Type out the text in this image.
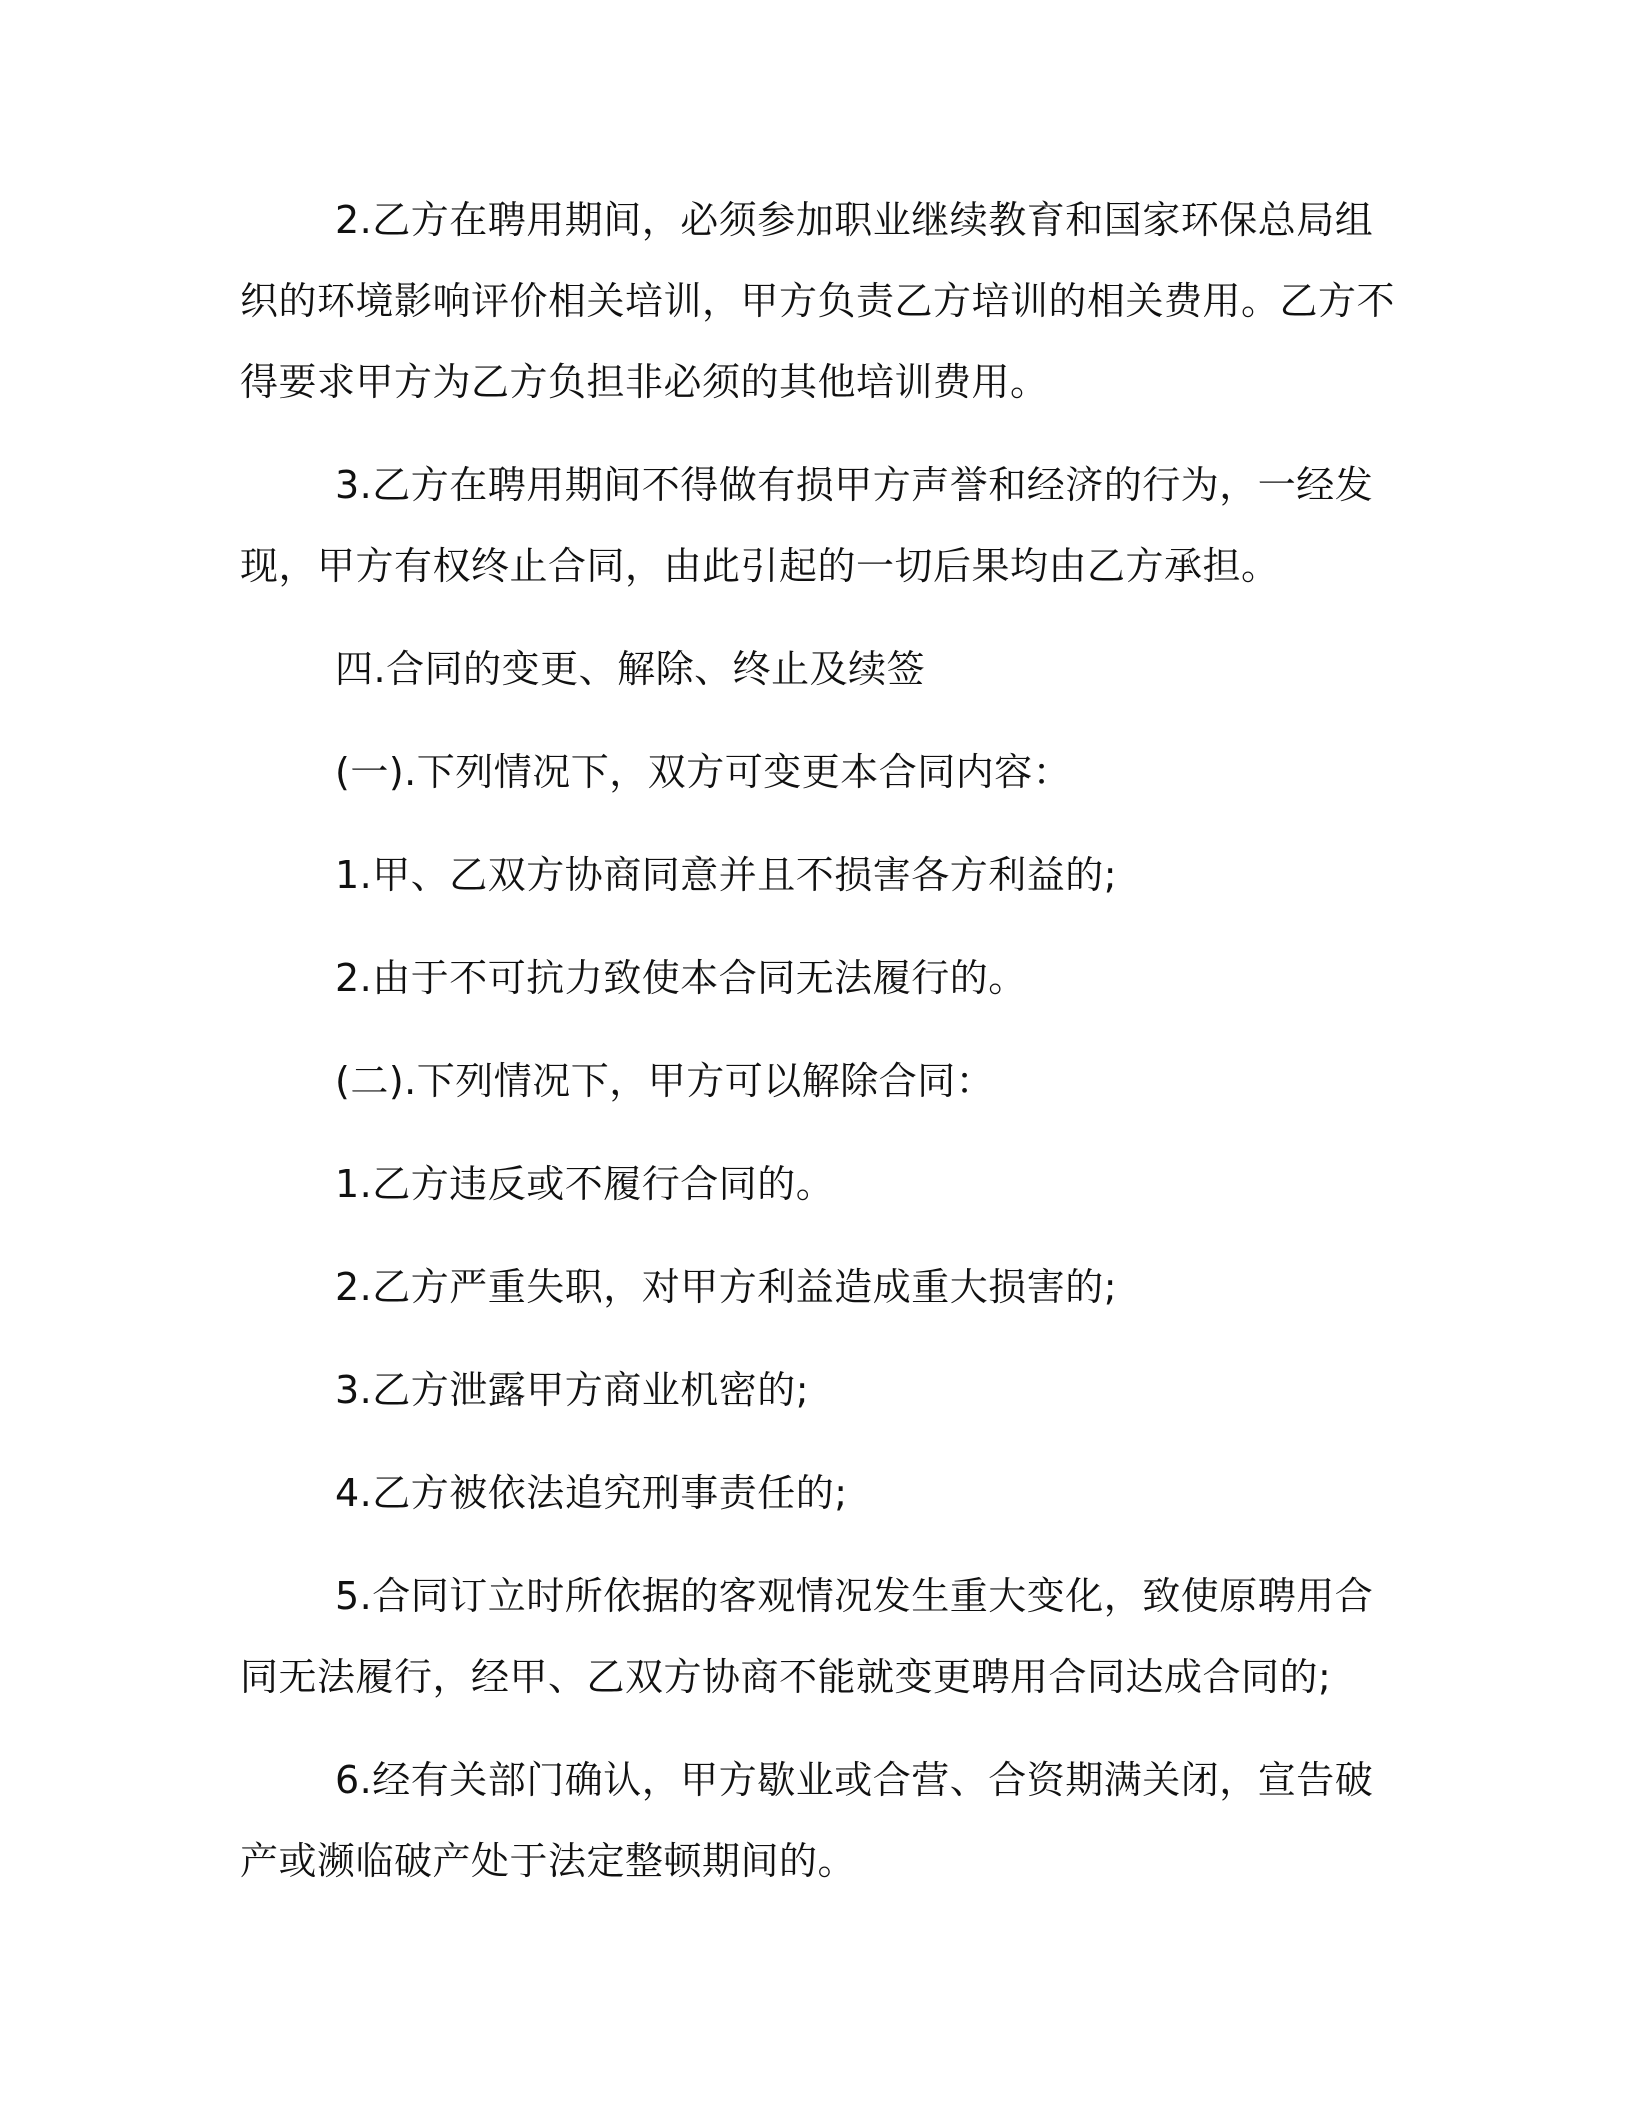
2.乙方在聘用期间，必须参加职业继续教育和国家环保总局组织的环境影响评价相关培训，甲方负责乙方培训的相关费用。乙方不得要求甲方为乙方负担非必须的其他培训费用。

3.乙方在聘用期间不得做有损甲方声誉和经济的行为，一经发现，甲方有权终止合同，由此引起的一切后果均由乙方承担。

四.合同的变更、解除、终止及续签

(一).下列情况下，双方可变更本合同内容：

1.甲、乙双方协商同意并且不损害各方利益的;

2.由于不可抗力致使本合同无法履行的。

(二).下列情况下，甲方可以解除合同：

1.乙方违反或不履行合同的。

2.乙方严重失职，对甲方利益造成重大损害的;

3.乙方泄露甲方商业机密的;

4.乙方被依法追究刑事责任的;

5.合同订立时所依据的客观情况发生重大变化，致使原聘用合同无法履行，经甲、乙双方协商不能就变更聘用合同达成合同的;

6.经有关部门确认，甲方歇业或合营、合资期满关闭，宣告破产或濒临破产处于法定整顿期间的。
